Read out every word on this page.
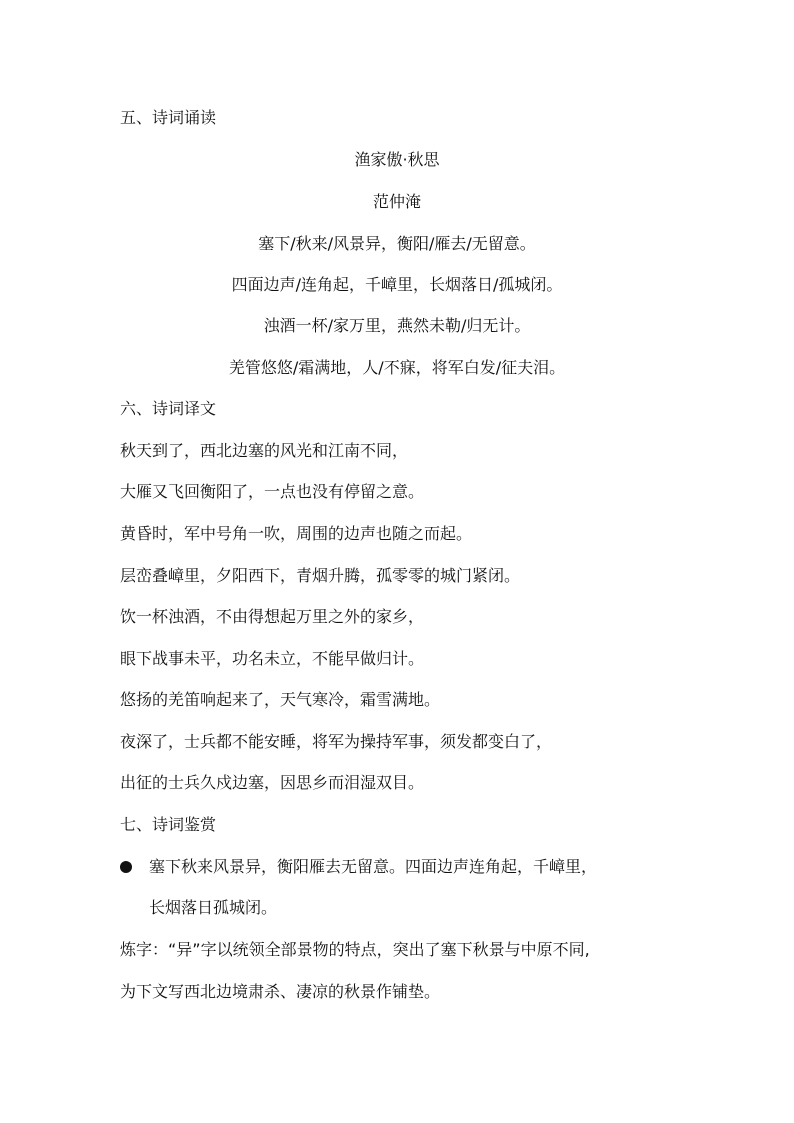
五、诗词诵读
渔家傲·秋思
范仲淹
塞下/秋来/风景异，衡阳/雁去/无留意。
四面边声/连角起，千嶂里，长烟落日/孤城闭。
浊酒一杯/家万里，燕然未勒/归无计。
羌管悠悠/霜满地，人/不寐，将军白发/征夫泪。
六、诗词译文
秋天到了，西北边塞的风光和江南不同，
大雁又飞回衡阳了，一点也没有停留之意。
黄昏时，军中号角一吹，周围的边声也随之而起。
层峦叠嶂里，夕阳西下，青烟升腾，孤零零的城门紧闭。
饮一杯浊酒，不由得想起万里之外的家乡，
眼下战事未平，功名未立，不能早做归计。
悠扬的羌笛响起来了，天气寒冷，霜雪满地。
夜深了，士兵都不能安睡，将军为操持军事，须发都变白了，
出征的士兵久戍边塞，因思乡而泪湿双目。
七、诗词鉴赏
塞下秋来风景异，衡阳雁去无留意。四面边声连角起，千嶂里，
长烟落日孤城闭。
炼字：“异”字以统领全部景物的特点，突出了塞下秋景与中原不同,
为下文写西北边境肃杀、凄凉的秋景作铺垫。
